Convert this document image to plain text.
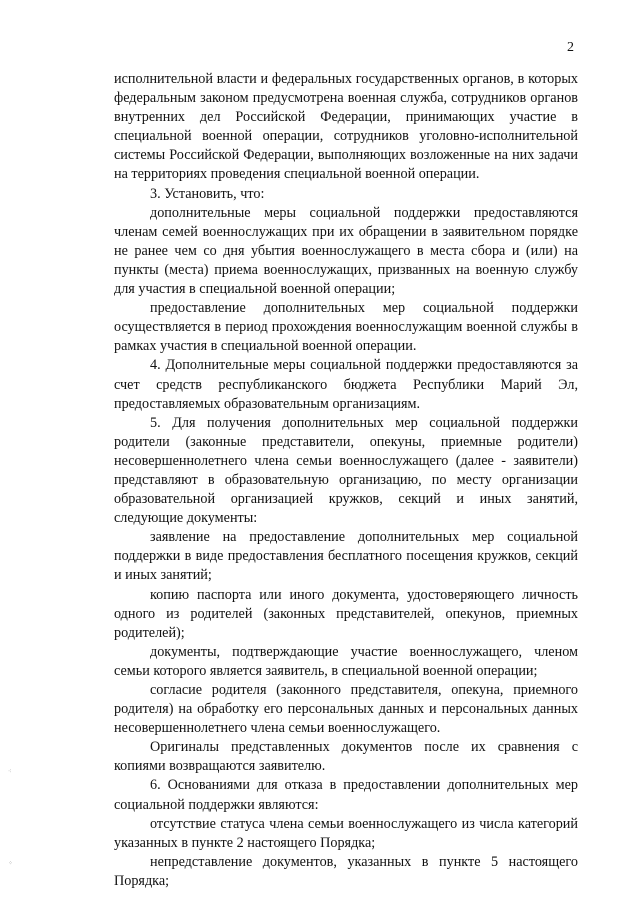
2

исполнительной власти и федеральных государственных органов, в которых федеральным законом предусмотрена военная служба, сотрудников органов внутренних дел Российской Федерации, принимающих участие в специальной военной операции, сотрудников уголовно-исполнительной системы Российской Федерации, выполняющих возложенные на них задачи на территориях проведения специальной военной операции.

3. Установить, что:

дополнительные меры социальной поддержки предоставляются членам семей военнослужащих при их обращении в заявительном порядке не ранее чем со дня убытия военнослужащего в места сбора и (или) на пункты (места) приема военнослужащих, призванных на военную службу для участия в специальной военной операции;

предоставление дополнительных мер социальной поддержки осуществляется в период прохождения военнослужащим военной службы в рамках участия в специальной военной операции.

4. Дополнительные меры социальной поддержки предоставляются за счет средств республиканского бюджета Республики Марий Эл, предоставляемых образовательным организациям.

5. Для получения дополнительных мер социальной поддержки родители (законные представители, опекуны, приемные родители) несовершеннолетнего члена семьи военнослужащего (далее - заявители) представляют в образовательную организацию, по месту организации образовательной организацией кружков, секций и иных занятий, следующие документы:

заявление на предоставление дополнительных мер социальной поддержки в виде предоставления бесплатного посещения кружков, секций и иных занятий;

копию паспорта или иного документа, удостоверяющего личность одного из родителей (законных представителей, опекунов, приемных родителей);

документы, подтверждающие участие военнослужащего, членом семьи которого является заявитель, в специальной военной операции;

согласие родителя (законного представителя, опекуна, приемного родителя) на обработку его персональных данных и персональных данных несовершеннолетнего члена семьи военнослужащего.

Оригиналы представленных документов после их сравнения с копиями возвращаются заявителю.

6. Основаниями для отказа в предоставлении дополнительных мер социальной поддержки являются:

отсутствие статуса члена семьи военнослужащего из числа категорий указанных в пункте 2 настоящего Порядка;

непредставление документов, указанных в пункте 5 настоящего Порядка;

⁖
⁘
